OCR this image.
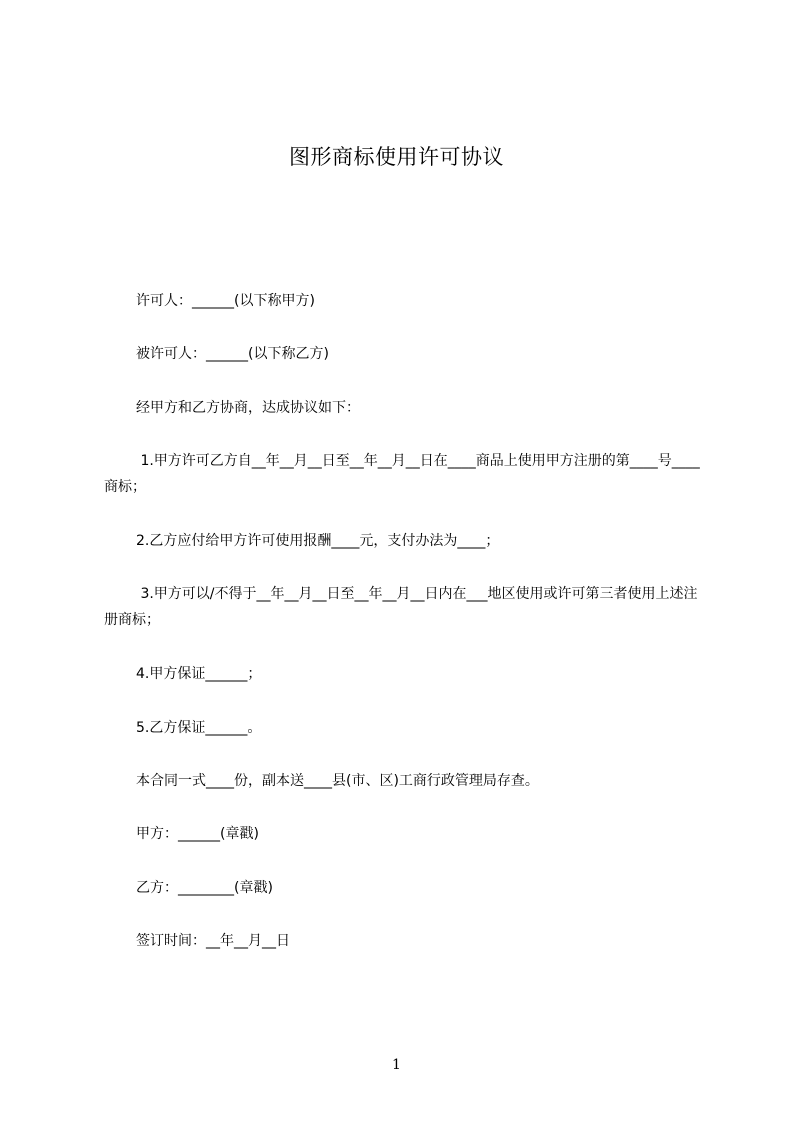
图形商标使用许可协议
许可人：______(以下称甲方)
被许可人：______(以下称乙方)
经甲方和乙方协商，达成协议如下：
1.甲方许可乙方自__年__月__日至__年__月__日在____商品上使用甲方注册的第____号____商标；
2.乙方应付给甲方许可使用报酬____元，支付办法为____；
3.甲方可以/不得于__年__月__日至__年__月__日内在___地区使用或许可第三者使用上述注册商标；
4.甲方保证______；
5.乙方保证______。
本合同一式____份，副本送____县(市、区)工商行政管理局存查。
甲方：______(章戳)
乙方：________(章戳)
签订时间：__年__月__日
1
